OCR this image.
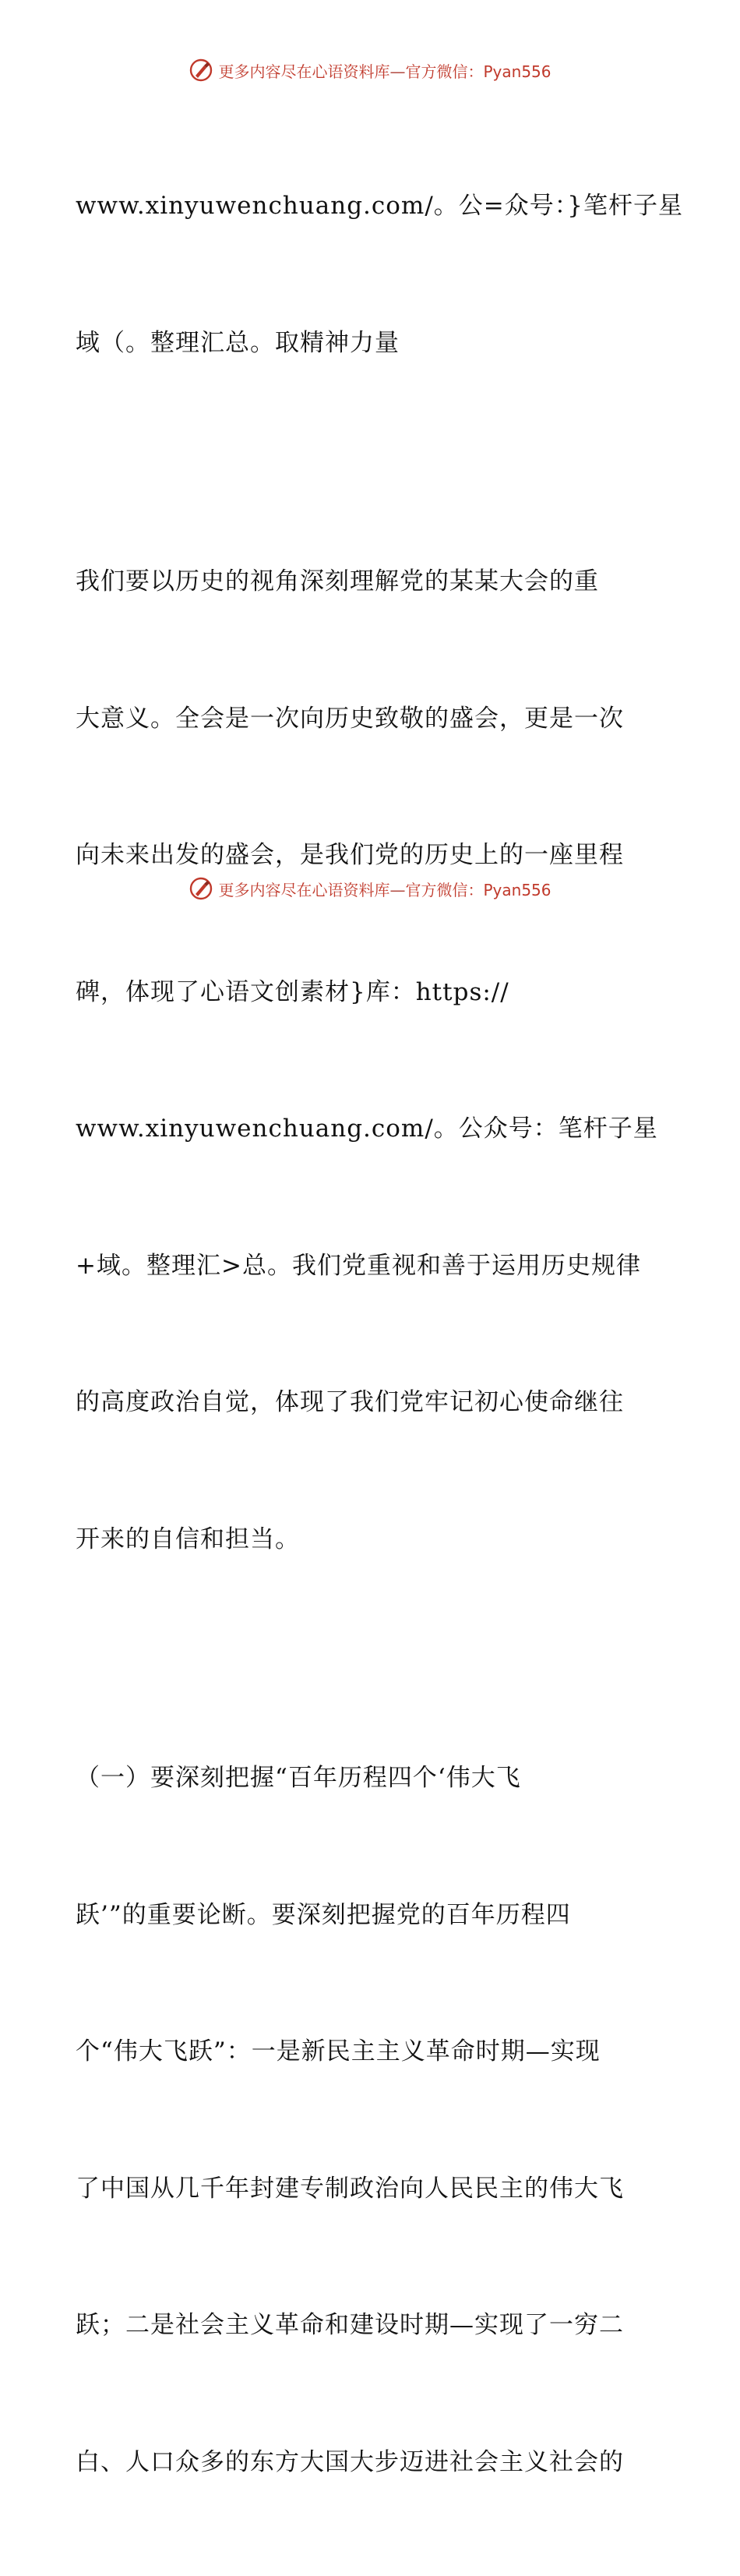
更多内容尽在心语资料库—官方微信：Pyan556

www.xinyuwenchuang.com/。公=众号：}笔杆子星

域（。整理汇总。取精神力量

我们要以历史的视角深刻理解党的某某大会的重

大意义。全会是一次向历史致敬的盛会，更是一次

向未来出发的盛会，是我们党的历史上的一座里程

碑，体现了心语文创素材}库：https://

www.xinyuwenchuang.com/。公众号：笔杆子星

+域。整理汇>总。我们党重视和善于运用历史规律

的高度政治自觉，体现了我们党牢记初心使命继往

开来的自信和担当。

（一）要深刻把握“百年历程四个‘伟大飞

跃’”的重要论断。要深刻把握党的百年历程四

个“伟大飞跃”：一是新民主主义革命时期—实现

了中国从几千年封建专制政治向人民民主的伟大飞

跃；二是社会主义革命和建设时期—实现了一穷二

白、人口众多的东方大国大步迈进社会主义社会的

更多内容尽在心语资料库—官方微信：Pyan556
